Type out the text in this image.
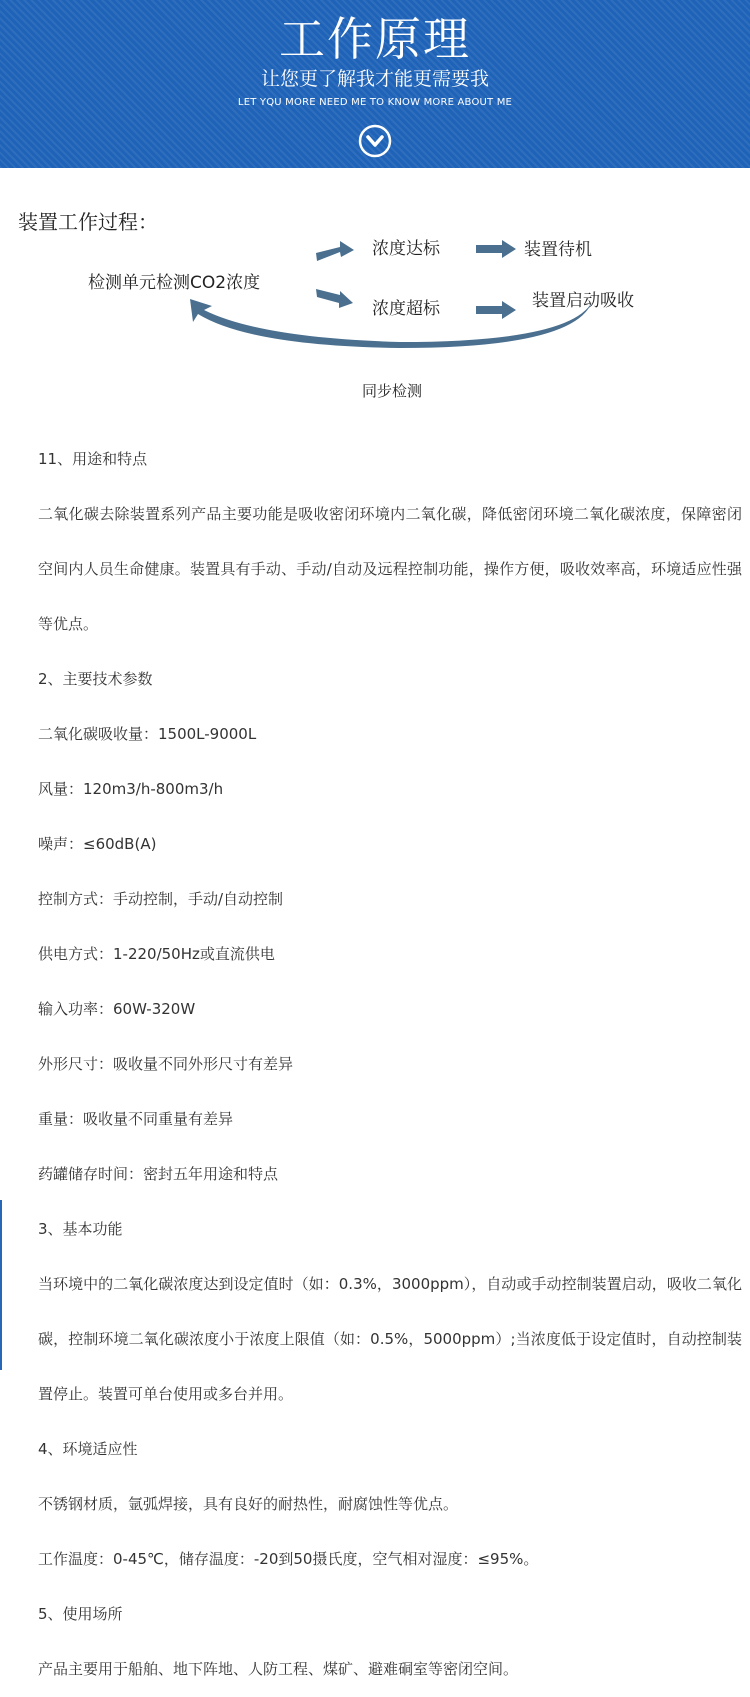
工作原理
让您更了解我才能更需要我
LET YQU MORE NEED ME TO KNOW MORE ABOUT ME
装置工作过程：
检测单元检测CO2浓度
浓度达标	装置待机
浓度超标	装置启动吸收
同步检测

11、用途和特点

二氧化碳去除装置系列产品主要功能是吸收密闭环境内二氧化碳，降低密闭环境二氧化碳浓度，保障密闭空间内人员生命健康。装置具有手动、手动/自动及远程控制功能，操作方便，吸收效率高，环境适应性强等优点。

2、主要技术参数

二氧化碳吸收量：1500L-9000L

风量：120m3/h-800m3/h

噪声：≤60dB(A)

控制方式：手动控制，手动/自动控制

供电方式：1-220/50Hz或直流供电

输入功率：60W-320W

外形尺寸：吸收量不同外形尺寸有差异

重量：吸收量不同重量有差异

药罐储存时间：密封五年用途和特点

3、基本功能

当环境中的二氧化碳浓度达到设定值时（如：0.3%，3000ppm），自动或手动控制装置启动，吸收二氧化碳，控制环境二氧化碳浓度小于浓度上限值（如：0.5%，5000ppm）;当浓度低于设定值时，自动控制装置停止。装置可单台使用或多台并用。

4、环境适应性

不锈钢材质，氩弧焊接，具有良好的耐热性，耐腐蚀性等优点。

工作温度：0-45℃，储存温度：-20到50摄氏度，空气相对湿度：≤95%。

5、使用场所

产品主要用于船舶、地下阵地、人防工程、煤矿、避难硐室等密闭空间。
